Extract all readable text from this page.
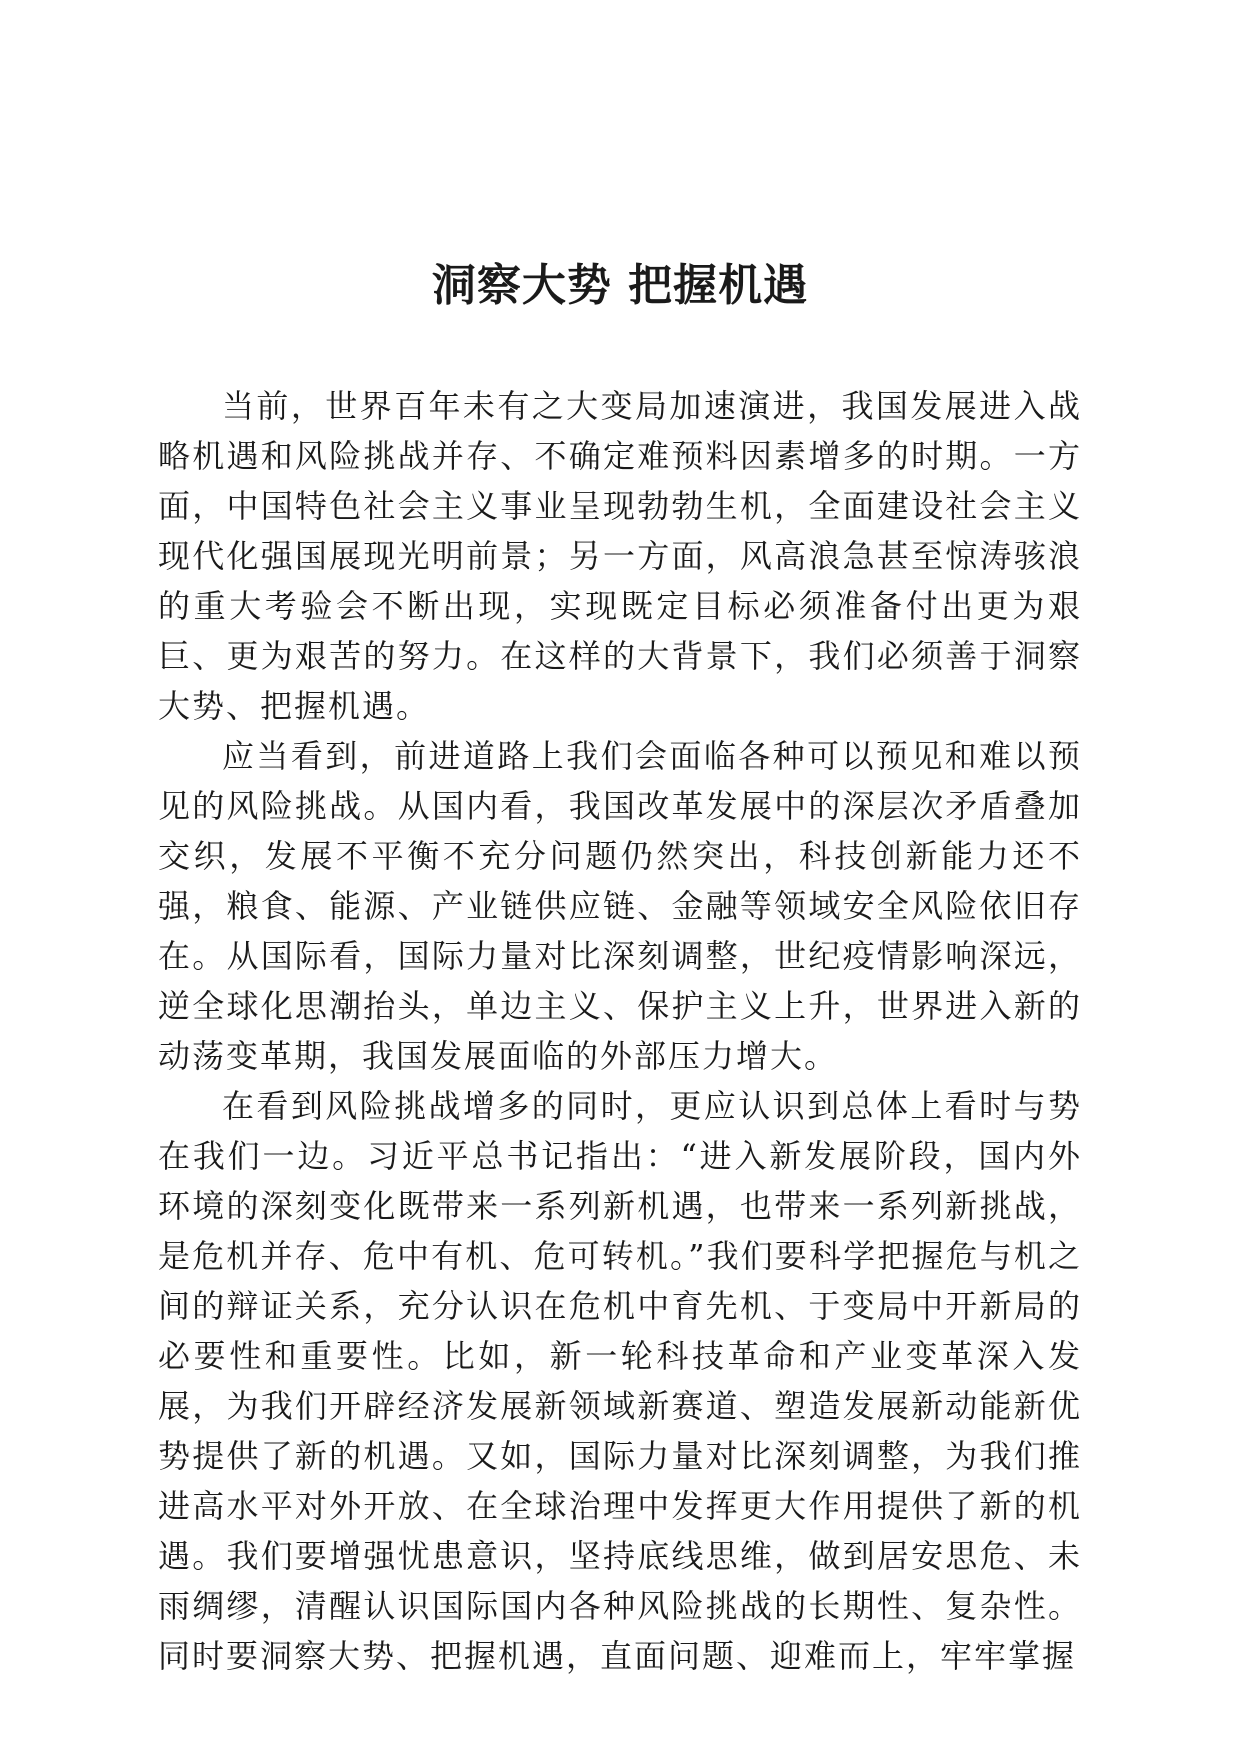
洞察大势 把握机遇

当前，世界百年未有之大变局加速演进，我国发展进入战略机遇和风险挑战并存、不确定难预料因素增多的时期。一方面，中国特色社会主义事业呈现勃勃生机，全面建设社会主义现代化强国展现光明前景；另一方面，风高浪急甚至惊涛骇浪的重大考验会不断出现，实现既定目标必须准备付出更为艰巨、更为艰苦的努力。在这样的大背景下，我们必须善于洞察大势、把握机遇。

应当看到，前进道路上我们会面临各种可以预见和难以预见的风险挑战。从国内看，我国改革发展中的深层次矛盾叠加交织，发展不平衡不充分问题仍然突出，科技创新能力还不强，粮食、能源、产业链供应链、金融等领域安全风险依旧存在。从国际看，国际力量对比深刻调整，世纪疫情影响深远，逆全球化思潮抬头，单边主义、保护主义上升，世界进入新的动荡变革期，我国发展面临的外部压力增大。

在看到风险挑战增多的同时，更应认识到总体上看时与势在我们一边。习近平总书记指出：“进入新发展阶段，国内外环境的深刻变化既带来一系列新机遇，也带来一系列新挑战，是危机并存、危中有机、危可转机。”我们要科学把握危与机之间的辩证关系，充分认识在危机中育先机、于变局中开新局的必要性和重要性。比如，新一轮科技革命和产业变革深入发展，为我们开辟经济发展新领域新赛道、塑造发展新动能新优势提供了新的机遇。又如，国际力量对比深刻调整，为我们推进高水平对外开放、在全球治理中发挥更大作用提供了新的机遇。我们要增强忧患意识，坚持底线思维，做到居安思危、未雨绸缪，清醒认识国际国内各种风险挑战的长期性、复杂性。同时要洞察大势、把握机遇，直面问题、迎难而上，牢牢掌握
